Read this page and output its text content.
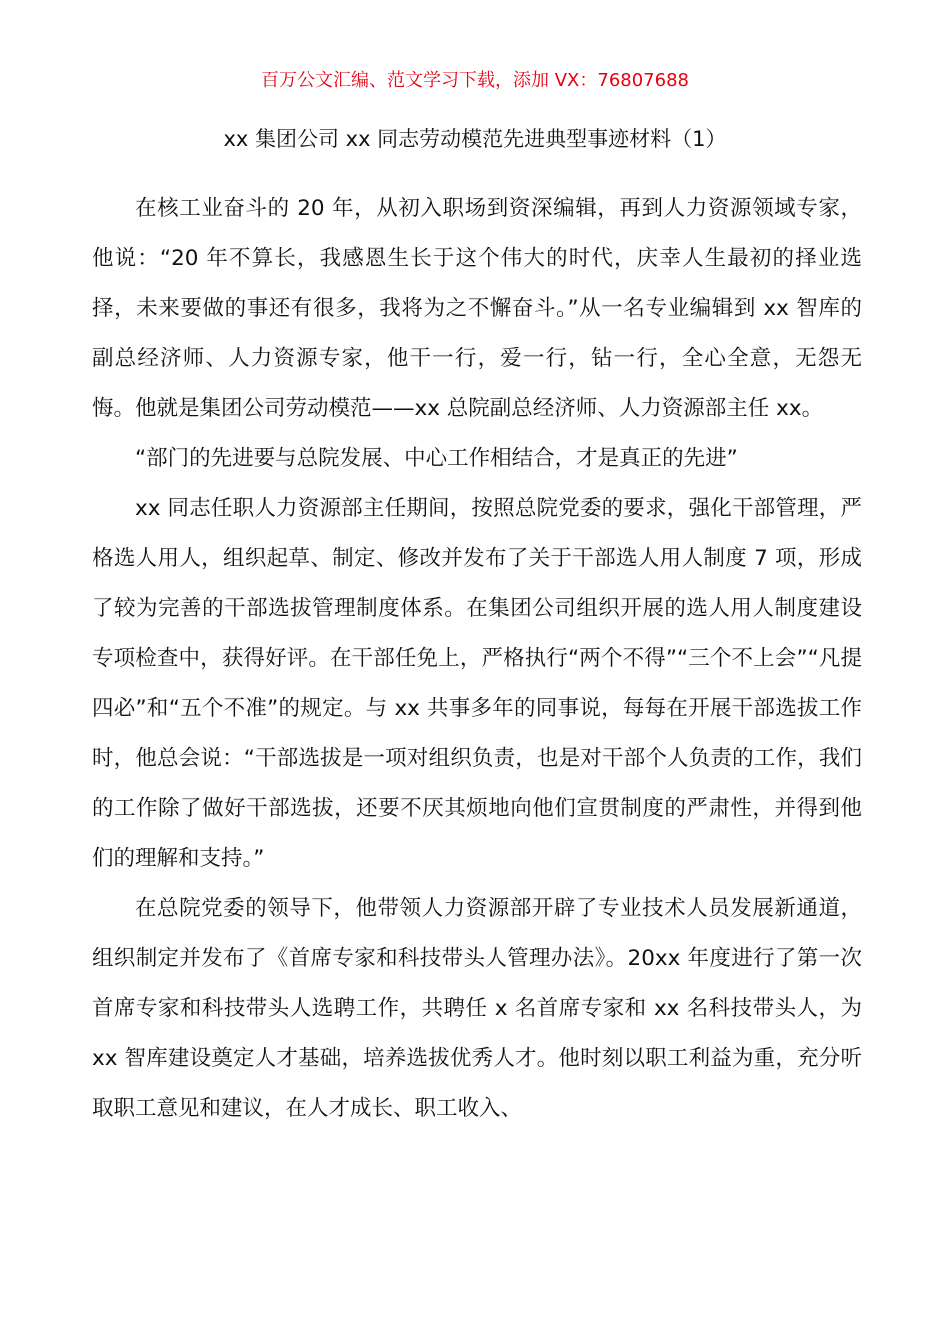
百万公文汇编、范文学习下载，添加 VX：76807688
xx 集团公司 xx 同志劳动模范先进典型事迹材料（1）

在核工业奋斗的 20 年，从初入职场到资深编辑，再到人力资源领域专家，他说：“20 年不算长，我感恩生长于这个伟大的时代，庆幸人生最初的择业选择，未来要做的事还有很多，我将为之不懈奋斗。”从一名专业编辑到 xx 智库的副总经济师、人力资源专家，他干一行，爱一行，钻一行，全心全意，无怨无悔。他就是集团公司劳动模范——xx 总院副总经济师、人力资源部主任 xx。

“部门的先进要与总院发展、中心工作相结合，才是真正的先进”

xx 同志任职人力资源部主任期间，按照总院党委的要求，强化干部管理，严格选人用人，组织起草、制定、修改并发布了关于干部选人用人制度 7 项，形成了较为完善的干部选拔管理制度体系。在集团公司组织开展的选人用人制度建设专项检查中，获得好评。在干部任免上，严格执行“两个不得”“三个不上会”“凡提四必”和“五个不准”的规定。与 xx 共事多年的同事说，每每在开展干部选拔工作时，他总会说：“干部选拔是一项对组织负责，也是对干部个人负责的工作，我们的工作除了做好干部选拔，还要不厌其烦地向他们宣贯制度的严肃性，并得到他们的理解和支持。”

在总院党委的领导下，他带领人力资源部开辟了专业技术人员发展新通道，组织制定并发布了《首席专家和科技带头人管理办法》。20xx 年度进行了第一次首席专家和科技带头人选聘工作，共聘任 x 名首席专家和 xx 名科技带头人，为 xx 智库建设奠定人才基础，培养选拔优秀人才。他时刻以职工利益为重，充分听取职工意见和建议，在人才成长、职工收入、
